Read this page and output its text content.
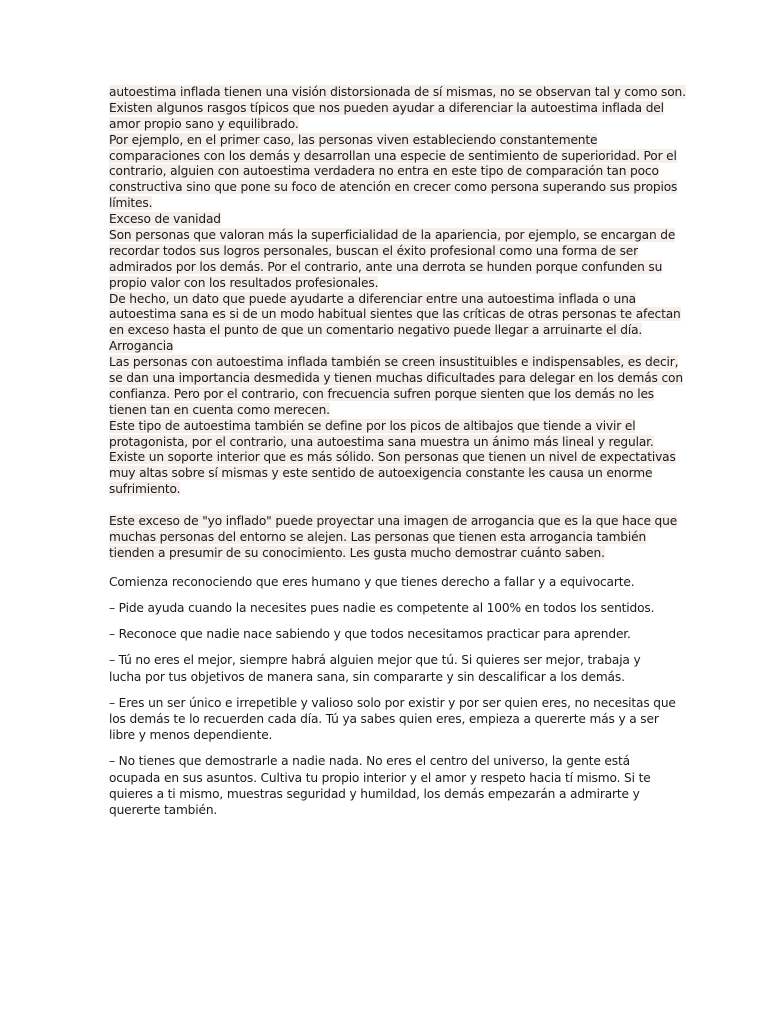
autoestima inflada tienen una visión distorsionada de sí mismas, no se observan tal y como son.
Existen algunos rasgos típicos que nos pueden ayudar a diferenciar la autoestima inflada del
amor propio sano y equilibrado.
Por ejemplo, en el primer caso, las personas viven estableciendo constantemente
comparaciones con los demás y desarrollan una especie de sentimiento de superioridad. Por el
contrario, alguien con autoestima verdadera no entra en este tipo de comparación tan poco
constructiva sino que pone su foco de atención en crecer como persona superando sus propios
límites.
Exceso de vanidad
Son personas que valoran más la superficialidad de la apariencia, por ejemplo, se encargan de
recordar todos sus logros personales, buscan el éxito profesional como una forma de ser
admirados por los demás. Por el contrario, ante una derrota se hunden porque confunden su
propio valor con los resultados profesionales.
De hecho, un dato que puede ayudarte a diferenciar entre una autoestima inflada o una
autoestima sana es si de un modo habitual sientes que las críticas de otras personas te afectan
en exceso hasta el punto de que un comentario negativo puede llegar a arruinarte el día.
Arrogancia
Las personas con autoestima inflada también se creen insustituibles e indispensables, es decir,
se dan una importancia desmedida y tienen muchas dificultades para delegar en los demás con
confianza. Pero por el contrario, con frecuencia sufren porque sienten que los demás no les
tienen tan en cuenta como merecen.
Este tipo de autoestima también se define por los picos de altibajos que tiende a vivir el
protagonista, por el contrario, una autoestima sana muestra un ánimo más lineal y regular.
Existe un soporte interior que es más sólido. Son personas que tienen un nivel de expectativas
muy altas sobre sí mismas y este sentido de autoexigencia constante les causa un enorme
sufrimiento.
Este exceso de "yo inflado" puede proyectar una imagen de arrogancia que es la que hace que
muchas personas del entorno se alejen. Las personas que tienen esta arrogancia también
tienden a presumir de su conocimiento. Les gusta mucho demostrar cuánto saben.

Comienza reconociendo que eres humano y que tienes derecho a fallar y a equivocarte.

– Pide ayuda cuando la necesites pues nadie es competente al 100% en todos los sentidos.

– Reconoce que nadie nace sabiendo y que todos necesitamos practicar para aprender.

– Tú no eres el mejor, siempre habrá alguien mejor que tú. Si quieres ser mejor, trabaja y
lucha por tus objetivos de manera sana, sin compararte y sin descalificar a los demás.

– Eres un ser único e irrepetible y valioso solo por existir y por ser quien eres, no necesitas que
los demás te lo recuerden cada día. Tú ya sabes quien eres, empieza a quererte más y a ser
libre y menos dependiente.

– No tienes que demostrarle a nadie nada. No eres el centro del universo, la gente está
ocupada en sus asuntos. Cultiva tu propio interior y el amor y respeto hacia tí mismo. Si te
quieres a ti mismo, muestras seguridad y humildad, los demás empezarán a admirarte y
quererte también.
